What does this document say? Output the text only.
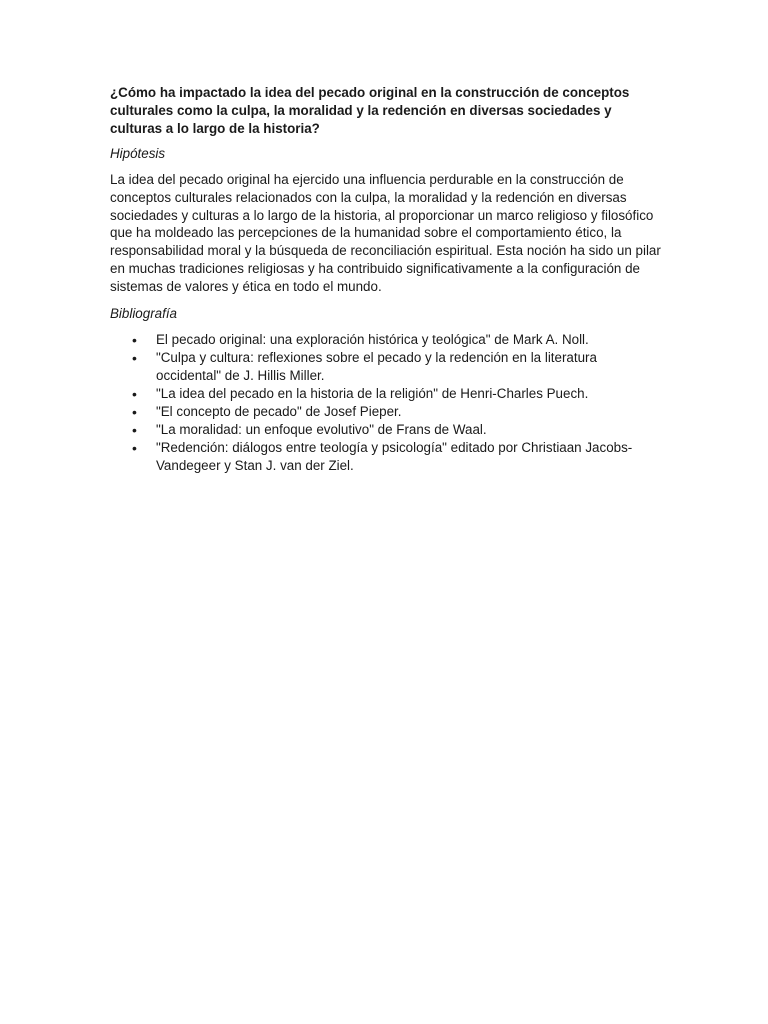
¿Cómo ha impactado la idea del pecado original en la construcción de conceptos culturales como la culpa, la moralidad y la redención en diversas sociedades y culturas a lo largo de la historia?

Hipótesis

La idea del pecado original ha ejercido una influencia perdurable en la construcción de conceptos culturales relacionados con la culpa, la moralidad y la redención en diversas sociedades y culturas a lo largo de la historia, al proporcionar un marco religioso y filosófico que ha moldeado las percepciones de la humanidad sobre el comportamiento ético, la responsabilidad moral y la búsqueda de reconciliación espiritual. Esta noción ha sido un pilar en muchas tradiciones religiosas y ha contribuido significativamente a la configuración de sistemas de valores y ética en todo el mundo.

Bibliografía

• El pecado original: una exploración histórica y teológica" de Mark A. Noll.
• "Culpa y cultura: reflexiones sobre el pecado y la redención en la literatura occidental" de J. Hillis Miller.
• "La idea del pecado en la historia de la religión" de Henri-Charles Puech.
• "El concepto de pecado" de Josef Pieper.
• "La moralidad: un enfoque evolutivo" de Frans de Waal.
• "Redención: diálogos entre teología y psicología" editado por Christiaan Jacobs-Vandegeer y Stan J. van der Ziel.
